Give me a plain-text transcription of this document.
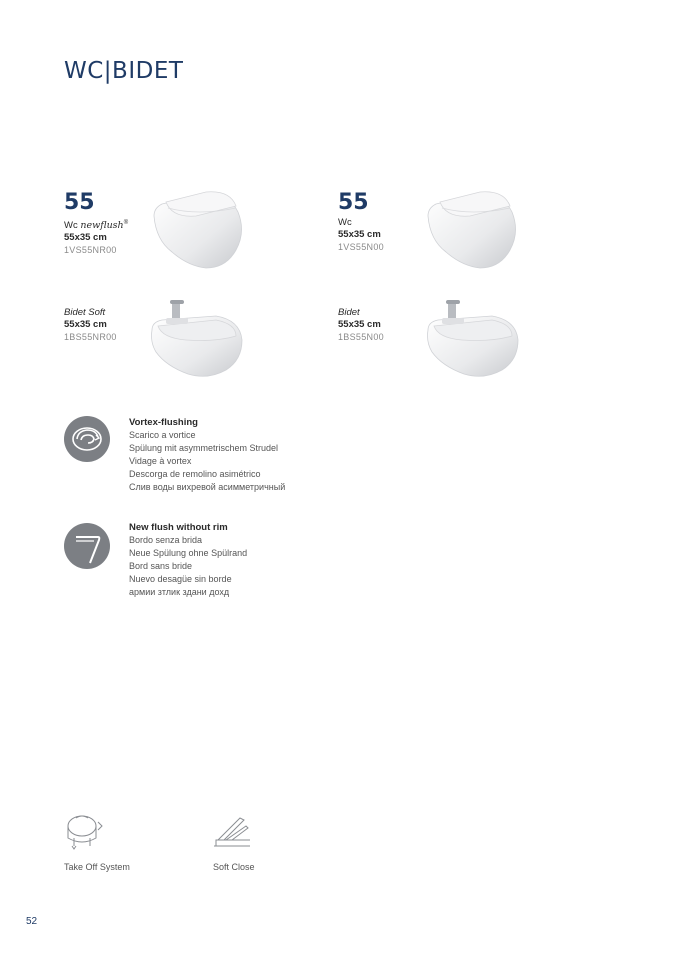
WC|BIDET
55
Wc newflush®
55x35 cm
1VS55NR00
55
Wc
55x35 cm
1VS55N00
Bidet Soft
55x35 cm
1BS55NR00
Bidet
55x35 cm
1BS55N00
Vortex-flushing
Scarico a vortice
Spülung mit asymmetrischem Strudel
Vidage à vortex
Descorga de remolino asimétrico
Слив воды вихревой асимметричный
New flush without rim
Bordo senza brida
Neue Spülung ohne Spülrand
Bord sans bride
Nuevo desagüe sin borde
армии зтлик здани дохд
Take Off System	Soft Close
52
